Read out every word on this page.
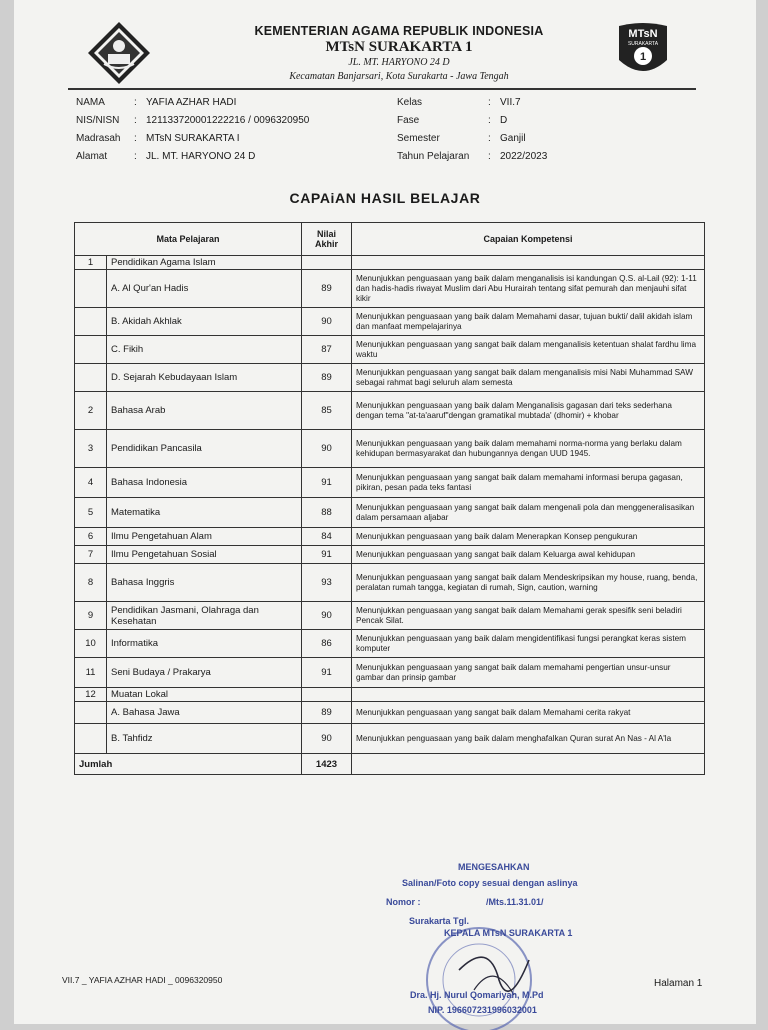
KEMENTERIAN AGAMA REPUBLIK INDONESIA
MTsN SURAKARTA 1
JL. MT. HARYONO 24 D
Kecamatan Banjarsari, Kota Surakarta - Jawa Tengah
MTsN
SURAKARTA
1
NAMA	: YAFIA AZHAR HADI
NIS/NISN : 121133720001222216 / 0096320950
Madrasah : MTsN SURAKARTA I
Alamat	: JL. MT. HARYONO 24 D
Kelas	: VII.7
Fase	: D
Semester	: Ganjil
Tahun Pelajaran : 2022/2023
CAPAiAN HASIL BELAJAR
Mata Pelajaran		Nilai Akhir	Capaian Kompetensi
1	Pendidikan Agama Islam		
	A. Al Qur'an Hadis	89	Menunjukkan penguasaan yang baik dalam menganalisis isi kandungan Q.S. al-Lail (92): 1-11 dan hadis-hadis riwayat Muslim dari Abu Hurairah tentang sifat pemurah dan menjauhi sifat kikir
	B. Akidah Akhlak	90	Menunjukkan penguasaan yang baik dalam Memahami dasar, tujuan bukti/ dalil akidah islam dan manfaat mempelajarinya
	C. Fikih	87	Menunjukkan penguasaan yang sangat baik dalam menganalisis ketentuan shalat fardhu lima waktu
	D. Sejarah Kebudayaan Islam	89	Menunjukkan penguasaan yang sangat baik dalam menganalisis misi Nabi Muhammad SAW sebagai rahmat bagi seluruh alam semesta
2	Bahasa Arab	85	Menunjukkan penguasaan yang baik dalam Menganalisis gagasan dari teks sederhana dengan tema "at-ta'aaruf"dengan gramatikal mubtada' (dhomir) + khobar
3	Pendidikan Pancasila	90	Menunjukkan penguasaan yang baik dalam memahami norma-norma yang berlaku dalam kehidupan bermasyarakat dan hubungannya dengan UUD 1945.
4	Bahasa Indonesia	91	Menunjukkan penguasaan yang sangat baik dalam memahami informasi berupa gagasan, pikiran, pesan pada teks fantasi
5	Matematika	88	Menunjukkan penguasaan yang sangat baik dalam mengenali pola dan menggeneralisasikan dalam persamaan aljabar
6	Ilmu Pengetahuan Alam	84	Menunjukkan penguasaan yang baik dalam Menerapkan Konsep pengukuran
7	Ilmu Pengetahuan Sosial	91	Menunjukkan penguasaan yang sangat baik dalam Keluarga awal kehidupan
8	Bahasa Inggris	93	Menunjukkan penguasaan yang sangat baik dalam Mendeskripsikan my house, ruang, benda, peralatan rumah tangga, kegiatan di rumah, Sign, caution, warning
9	Pendidikan Jasmani, Olahraga dan Kesehatan	90	Menunjukkan penguasaan yang sangat baik dalam Memahami gerak spesifik seni beladiri Pencak Silat.
10	Informatika	86	Menunjukkan penguasaan yang baik dalam mengidentifikasi fungsi perangkat keras sistem komputer
11	Seni Budaya / Prakarya	91	Menunjukkan penguasaan yang sangat baik dalam memahami pengertian unsur-unsur gambar dan prinsip gambar
12	Muatan Lokal		
	A. Bahasa Jawa	89	Menunjukkan penguasaan yang sangat baik dalam Memahami cerita rakyat
	B. Tahfidz	90	Menunjukkan penguasaan yang baik dalam menghafalkan Quran surat An Nas - Al A'la
Jumlah		1423	
MENGESAHKAN
Salinan/Foto copy sesuai dengan aslinya
Nomor :	/Mts.11.31.01/
Surakarta Tgl.
KEPALA MTsN SURAKARTA 1
Dra. Hj. Nurul Qomariyah, M.Pd
NIP. 196607231996032001
VII.7 _ YAFIA AZHAR HADI _ 0096320950	Halaman 1
